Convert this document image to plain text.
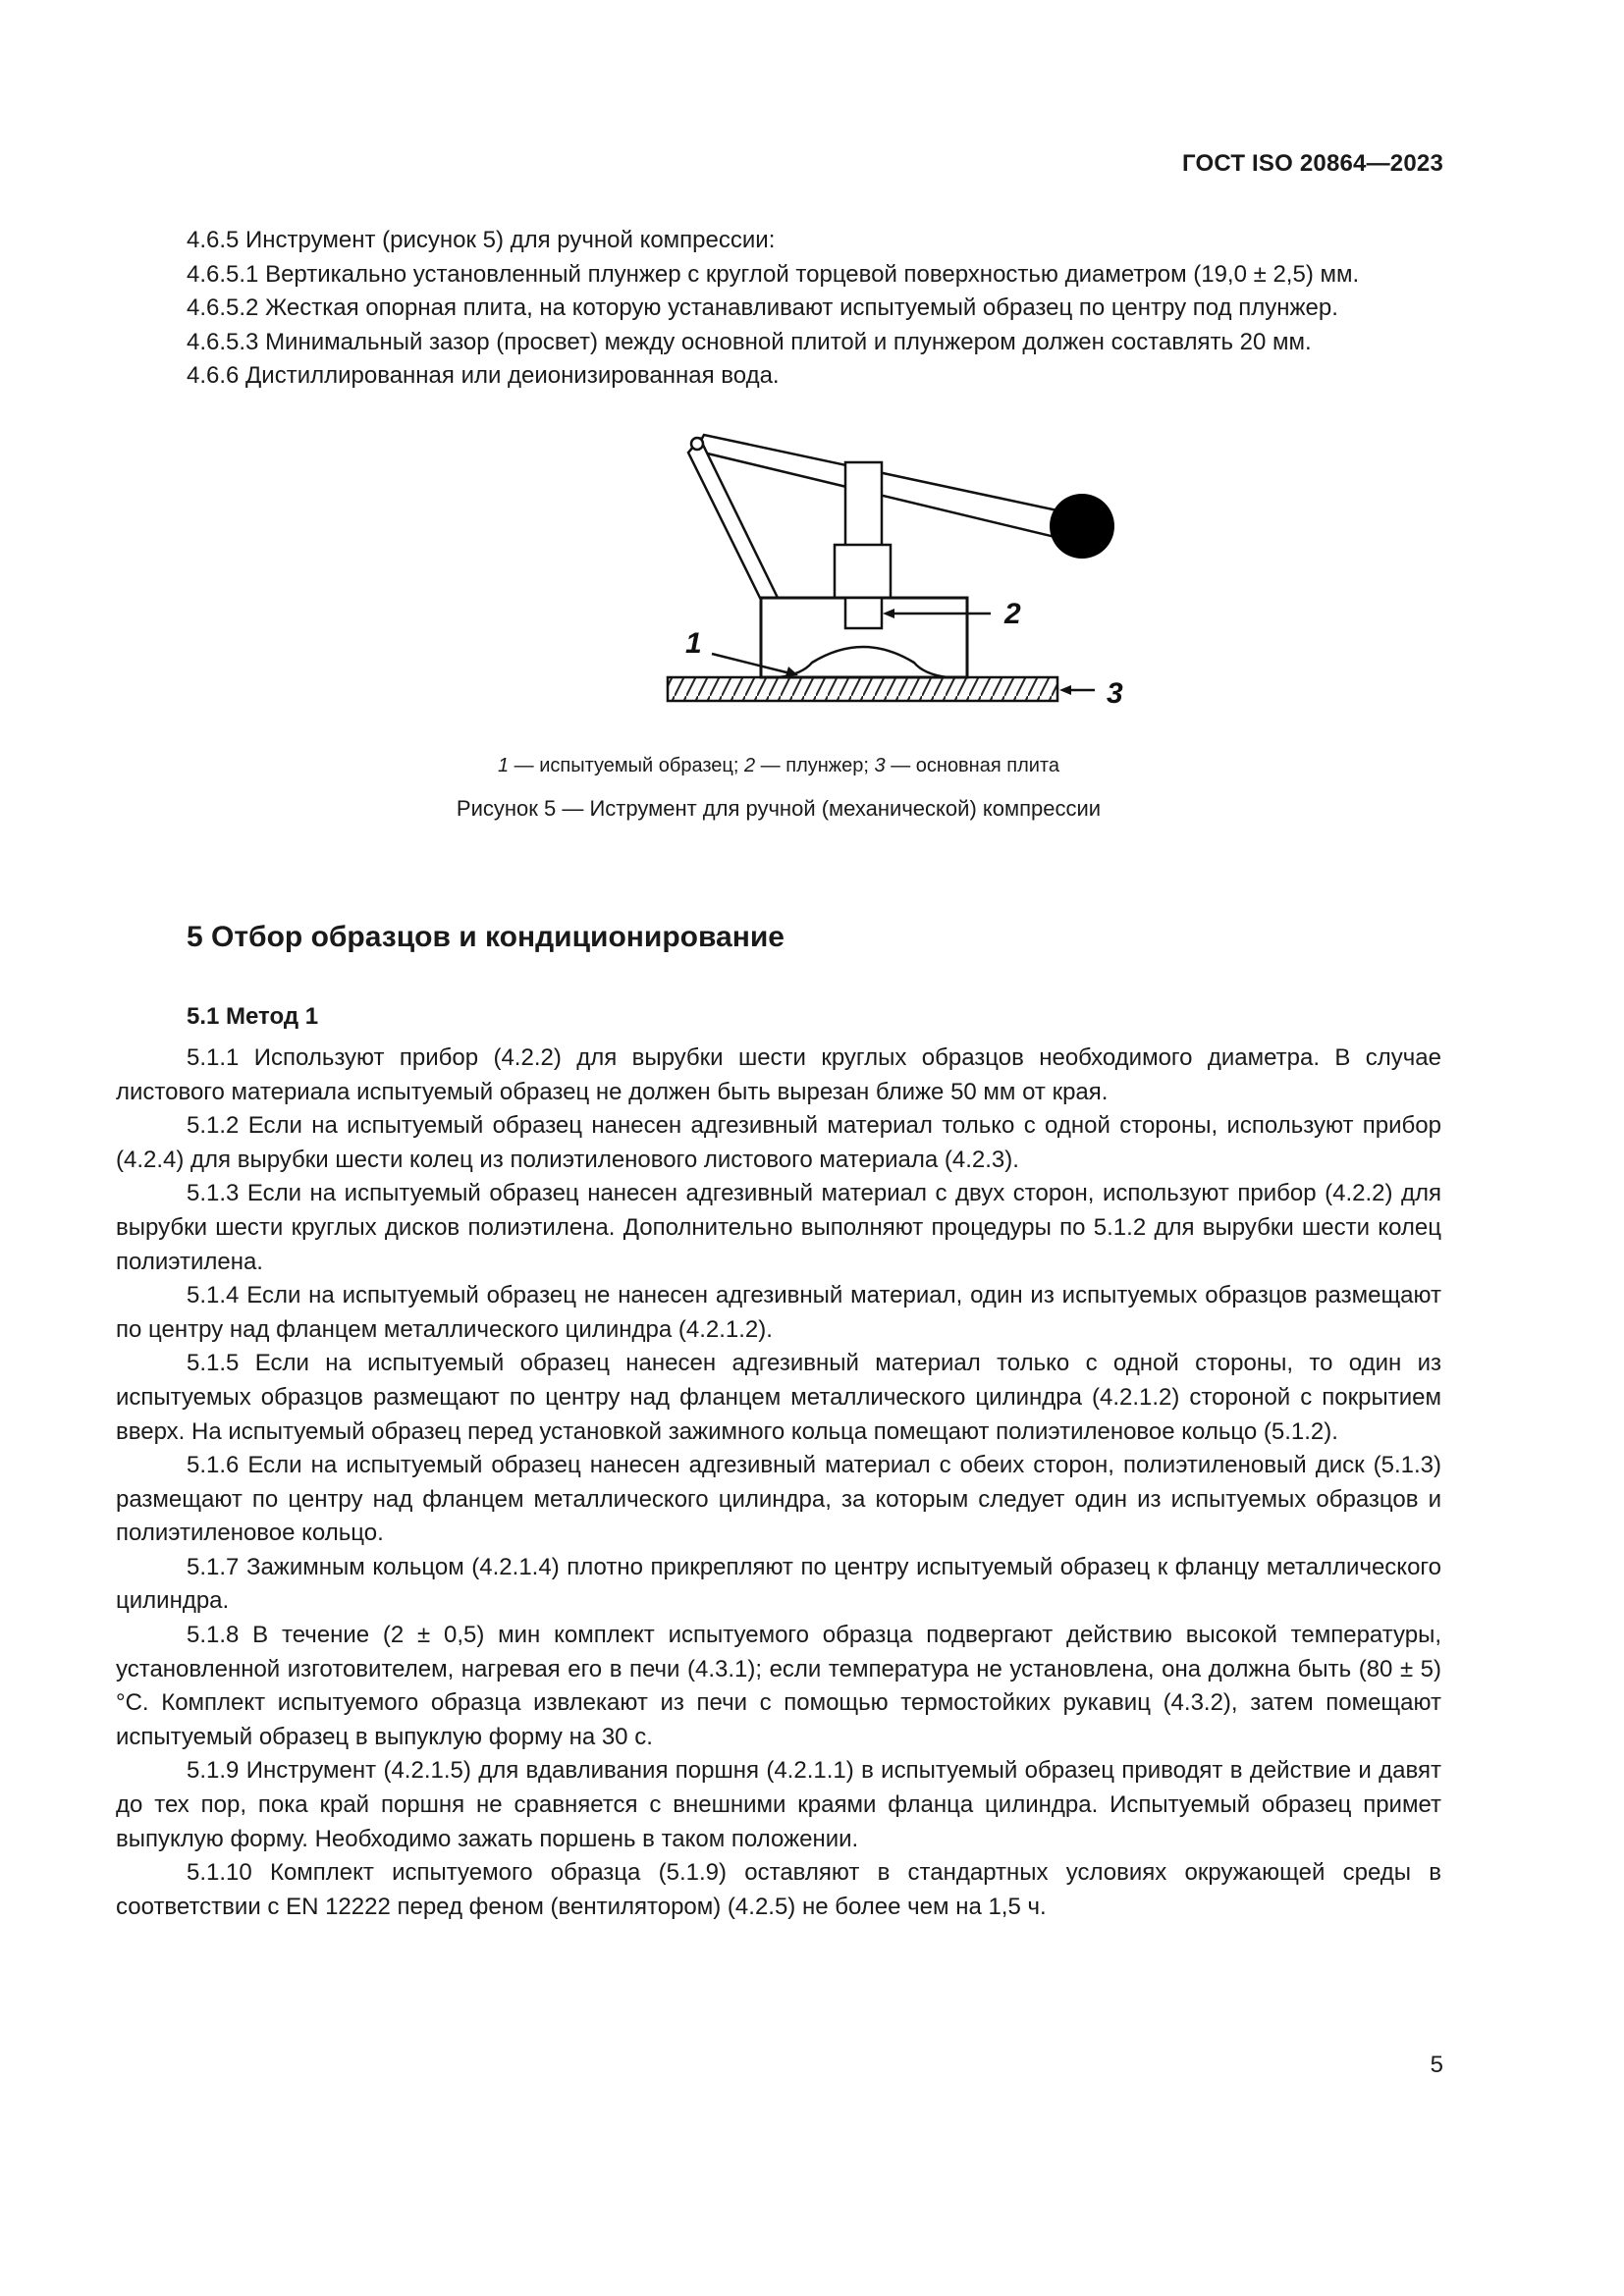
ГОСТ ISO 20864—2023

4.6.5 Инструмент (рисунок 5) для ручной компрессии:

4.6.5.1 Вертикально установленный плунжер с круглой торцевой поверхностью диаметром (19,0 ± 2,5) мм.

4.6.5.2 Жесткая опорная плита, на которую устанавливают испытуемый образец по центру под плунжер.

4.6.5.3 Минимальный зазор (просвет) между основной плитой и плунжером должен составлять 20 мм.

4.6.6 Дистиллированная или деионизированная вода.

1
2
3
1 — испытуемый образец; 2 — плунжер; 3 — основная плита
Рисунок 5 — Иструмент для ручной (механической) компрессии
5 Отбор образцов и кондиционирование
5.1 Метод 1

5.1.1 Используют прибор (4.2.2) для вырубки шести круглых образцов необходимого диаметра. В случае листового материала испытуемый образец не должен быть вырезан ближе 50 мм от края.

5.1.2 Если на испытуемый образец нанесен адгезивный материал только с одной стороны, используют прибор (4.2.4) для вырубки шести колец из полиэтиленового листового материала (4.2.3).

5.1.3 Если на испытуемый образец нанесен адгезивный материал с двух сторон, используют прибор (4.2.2) для вырубки шести круглых дисков полиэтилена. Дополнительно выполняют процедуры по 5.1.2 для вырубки шести колец полиэтилена.

5.1.4 Если на испытуемый образец не нанесен адгезивный материал, один из испытуемых образцов размещают по центру над фланцем металлического цилиндра (4.2.1.2).

5.1.5 Если на испытуемый образец нанесен адгезивный материал только с одной стороны, то один из испытуемых образцов размещают по центру над фланцем металлического цилиндра (4.2.1.2) стороной с покрытием вверх. На испытуемый образец перед установкой зажимного кольца помещают полиэтиленовое кольцо (5.1.2).

5.1.6 Если на испытуемый образец нанесен адгезивный материал с обеих сторон, полиэтиленовый диск (5.1.3) размещают по центру над фланцем металлического цилиндра, за которым следует один из испытуемых образцов и полиэтиленовое кольцо.

5.1.7 Зажимным кольцом (4.2.1.4) плотно прикрепляют по центру испытуемый образец к фланцу металлического цилиндра.

5.1.8 В течение (2 ± 0,5) мин комплект испытуемого образца подвергают действию высокой температуры, установленной изготовителем, нагревая его в печи (4.3.1); если температура не установлена, она должна быть (80 ± 5) °С. Комплект испытуемого образца извлекают из печи с помощью термостойких рукавиц (4.3.2), затем помещают испытуемый образец в выпуклую форму на 30 с.

5.1.9 Инструмент (4.2.1.5) для вдавливания поршня (4.2.1.1) в испытуемый образец приводят в действие и давят до тех пор, пока край поршня не сравняется с внешними краями фланца цилиндра. Испытуемый образец примет выпуклую форму. Необходимо зажать поршень в таком положении.

5.1.10 Комплект испытуемого образца (5.1.9) оставляют в стандартных условиях окружающей среды в соответствии с EN 12222 перед феном (вентилятором) (4.2.5) не более чем на 1,5 ч.

5
